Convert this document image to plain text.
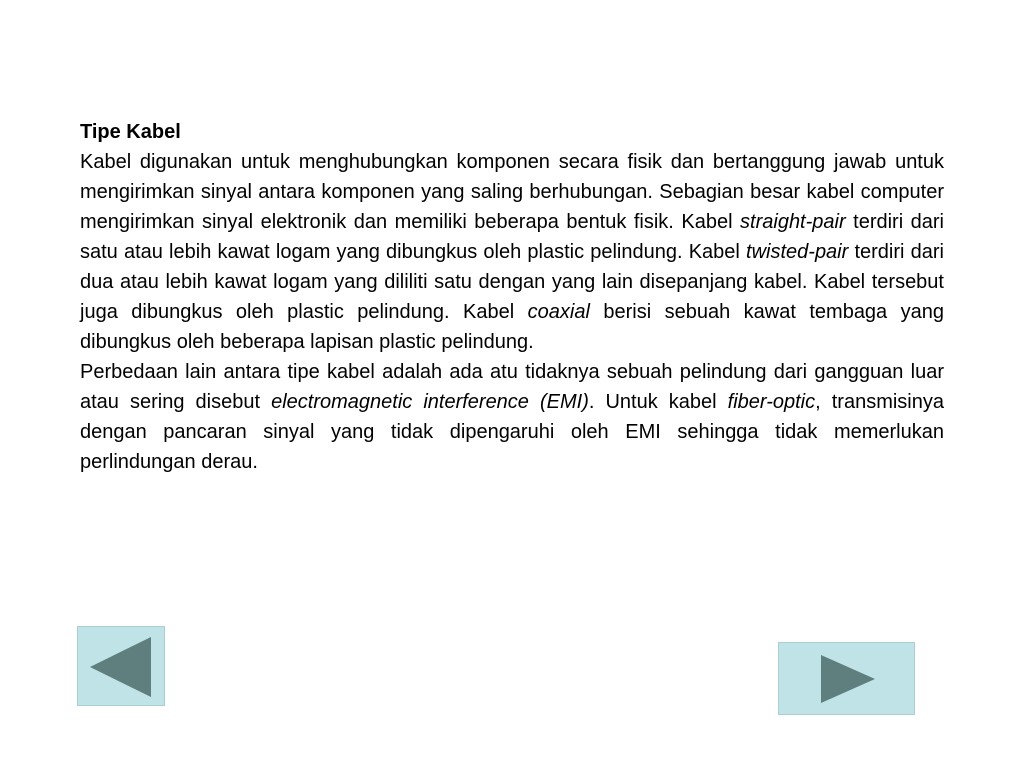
Tipe Kabel

Kabel digunakan untuk menghubungkan komponen secara fisik dan bertanggung jawab untuk mengirimkan sinyal antara komponen yang saling berhubungan. Sebagian besar kabel computer mengirimkan sinyal elektronik dan memiliki beberapa bentuk fisik. Kabel straight-pair terdiri dari satu atau lebih kawat logam yang dibungkus oleh plastic pelindung. Kabel twisted-pair terdiri dari dua atau lebih kawat logam yang dililiti satu dengan yang lain disepanjang kabel. Kabel tersebut juga dibungkus oleh plastic pelindung. Kabel coaxial berisi sebuah kawat tembaga yang dibungkus oleh beberapa lapisan plastic pelindung.

Perbedaan lain antara tipe kabel adalah ada atu tidaknya sebuah pelindung dari gangguan luar atau sering disebut electromagnetic interference (EMI). Untuk kabel fiber-optic, transmisinya dengan pancaran sinyal yang tidak dipengaruhi oleh EMI sehingga tidak memerlukan perlindungan derau.
